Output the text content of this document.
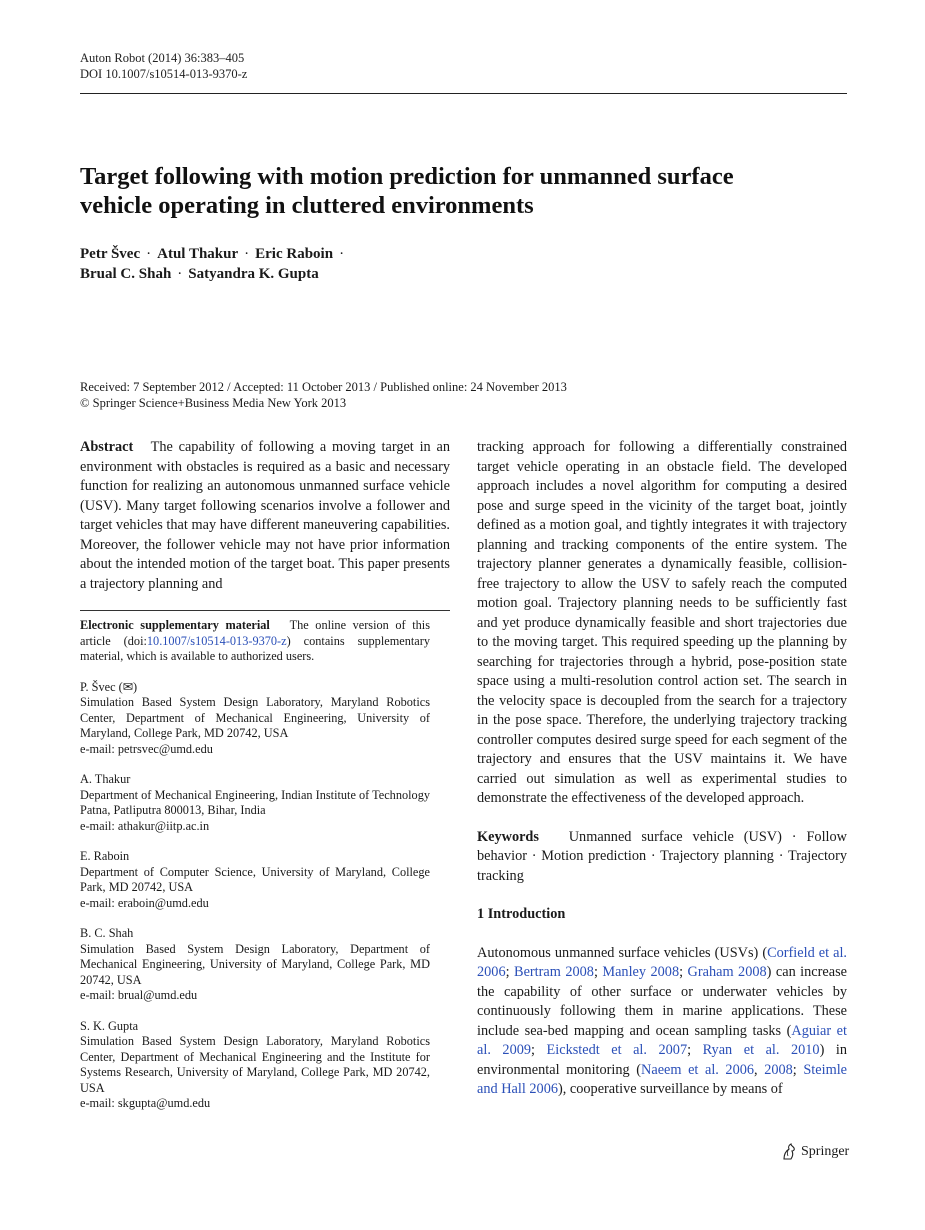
Auton Robot (2014) 36:383–405
DOI 10.1007/s10514-013-9370-z
Target following with motion prediction for unmanned surface vehicle operating in cluttered environments
Petr Švec · Atul Thakur · Eric Raboin ·
Brual C. Shah · Satyandra K. Gupta
Received: 7 September 2012 / Accepted: 11 October 2013 / Published online: 24 November 2013
© Springer Science+Business Media New York 2013
Abstract The capability of following a moving target in an environment with obstacles is required as a basic and necessary function for realizing an autonomous unmanned surface vehicle (USV). Many target following scenarios involve a follower and target vehicles that may have different maneuvering capabilities. Moreover, the follower vehicle may not have prior information about the intended motion of the target boat. This paper presents a trajectory planning and

Electronic supplementary material The online version of this article (doi:10.1007/s10514-013-9370-z) contains supplementary material, which is available to authorized users.

P. Švec (✉)
Simulation Based System Design Laboratory, Maryland Robotics Center, Department of Mechanical Engineering, University of Maryland, College Park, MD 20742, USA
e-mail: petrsvec@umd.edu

A. Thakur
Department of Mechanical Engineering, Indian Institute of Technology Patna, Patliputra 800013, Bihar, India
e-mail: athakur@iitp.ac.in

E. Raboin
Department of Computer Science, University of Maryland, College Park, MD 20742, USA
e-mail: eraboin@umd.edu

B. C. Shah
Simulation Based System Design Laboratory, Department of Mechanical Engineering, University of Maryland, College Park, MD 20742, USA
e-mail: brual@umd.edu

S. K. Gupta
Simulation Based System Design Laboratory, Maryland Robotics Center, Department of Mechanical Engineering and the Institute for Systems Research, University of Maryland, College Park, MD 20742, USA
e-mail: skgupta@umd.edu

tracking approach for following a differentially constrained target vehicle operating in an obstacle field. The developed approach includes a novel algorithm for computing a desired pose and surge speed in the vicinity of the target boat, jointly defined as a motion goal, and tightly integrates it with trajectory planning and tracking components of the entire system. The trajectory planner generates a dynamically feasible, collision-free trajectory to allow the USV to safely reach the computed motion goal. Trajectory planning needs to be sufficiently fast and yet produce dynamically feasible and short trajectories due to the moving target. This required speeding up the planning by searching for trajectories through a hybrid, pose-position state space using a multi-resolution control action set. The search in the velocity space is decoupled from the search for a trajectory in the pose space. Therefore, the underlying trajectory tracking controller computes desired surge speed for each segment of the trajectory and ensures that the USV maintains it. We have carried out simulation as well as experimental studies to demonstrate the effectiveness of the developed approach.
Keywords Unmanned surface vehicle (USV) · Follow behavior · Motion prediction · Trajectory planning · Trajectory tracking
1 Introduction
Autonomous unmanned surface vehicles (USVs) (Corfield et al. 2006; Bertram 2008; Manley 2008; Graham 2008) can increase the capability of other surface or underwater vehicles by continuously following them in marine applications. These include sea-bed mapping and ocean sampling tasks (Aguiar et al. 2009; Eickstedt et al. 2007; Ryan et al. 2010) in environmental monitoring (Naeem et al. 2006, 2008; Steimle and Hall 2006), cooperative surveillance by means of
Springer
